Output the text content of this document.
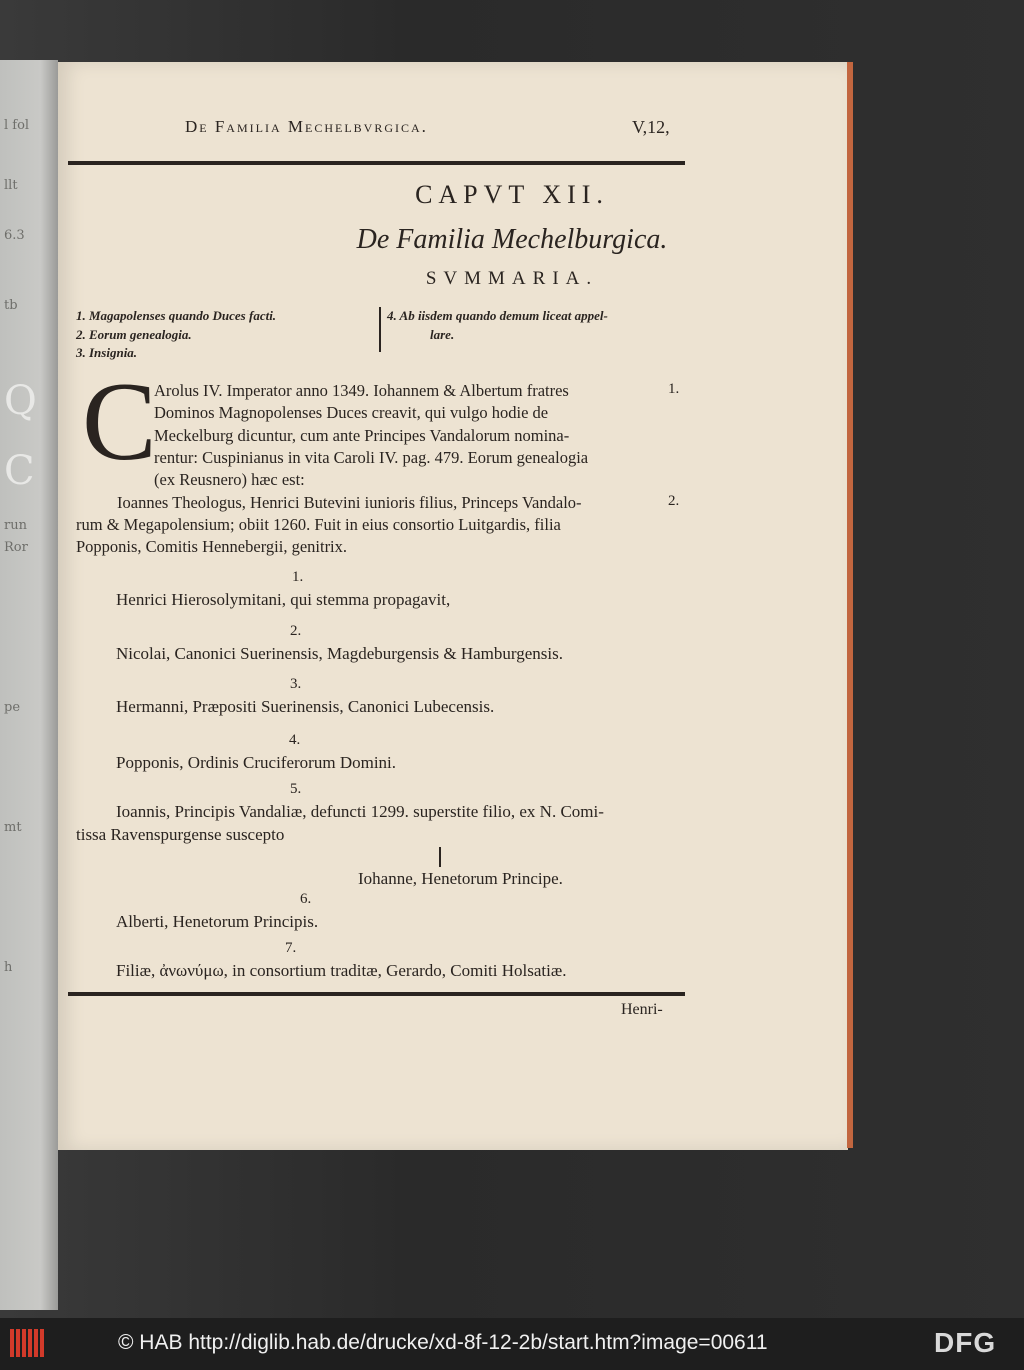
l fol
llt
6.3
tb
Q
C
run
Ror
pe
mt
h
De Familia Mechelbvrgica.	V,12,
CAPVT XII.
De Familia Mechelburgica.
SVMMARIA.
1. Magapolenses quando Duces facti.
2. Eorum genealogia.
3. Insignia.
4. Ab iisdem quando demum liceat appel-
lare.
C
Arolus IV. Imperator anno 1349. Iohannem & Albertum fratres	1.
Dominos Magnopolenses Duces creavit, qui vulgo hodie de
Meckelburg dicuntur, cum ante Principes Vandalorum nomina-
rentur: Cuspinianus in vita Caroli IV. pag. 479. Eorum genealogia
(ex Reusnero) hæc est:
Ioannes Theologus, Henrici Butevini iunioris filius, Princeps Vandalo-	2.
rum & Megapolensium; obiit 1260. Fuit in eius consortio Luitgardis, filia
Popponis, Comitis Hennebergii, genitrix.
1.
Henrici Hierosolymitani, qui stemma propagavit,
2.
Nicolai, Canonici Suerinensis, Magdeburgensis & Hamburgensis.
3.
Hermanni, Præpositi Suerinensis, Canonici Lubecensis.
4.
Popponis, Ordinis Cruciferorum Domini.
5.
Ioannis, Principis Vandaliæ, defuncti 1299. superstite filio, ex N. Comi-
tissa Ravenspurgense suscepto
Iohanne, Henetorum Principe.
6.
Alberti, Henetorum Principis.
7.
Filiæ, ἀνωνύμω, in consortium traditæ, Gerardo, Comiti Holsatiæ.
Henri-
© HAB http://diglib.hab.de/drucke/xd-8f-12-2b/start.htm?image=00611	DFG
